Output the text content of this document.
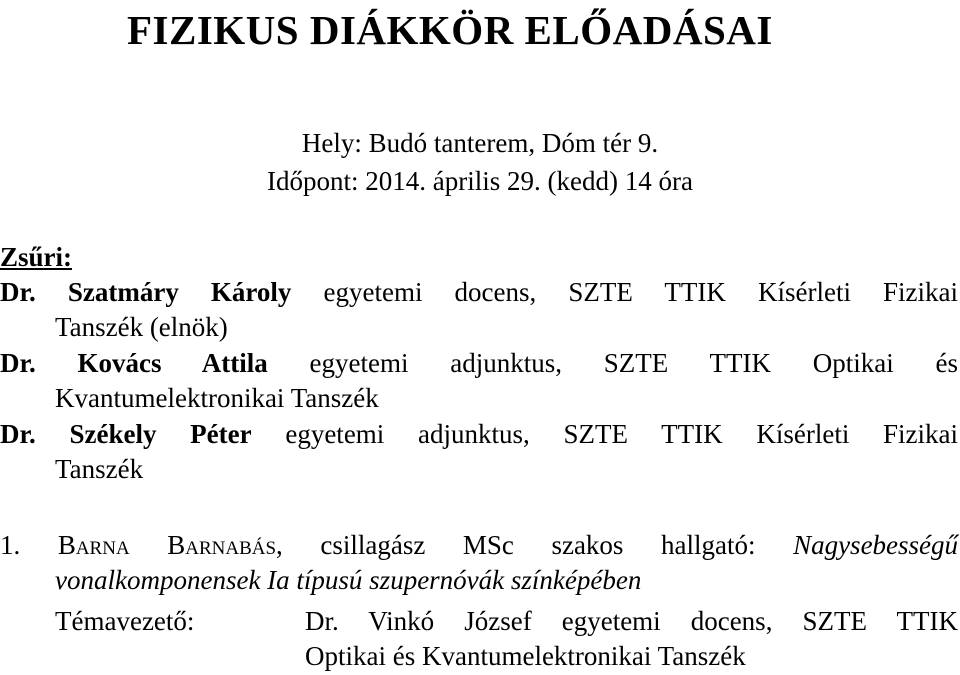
FIZIKUS DIÁKKÖR ELŐADÁSAI
Hely: Budó tanterem, Dóm tér 9.
Időpont: 2014. április 29. (kedd) 14 óra
Zsűri:
Dr. Szatmáry Károly egyetemi docens, SZTE TTIK Kísérleti Fizikai
Tanszék (elnök)
Dr. Kovács Attila egyetemi adjunktus, SZTE TTIK Optikai és
Kvantumelektronikai Tanszék
Dr. Székely Péter egyetemi adjunktus, SZTE TTIK Kísérleti Fizikai
Tanszék
1. Barna Barnabás, csillagász MSc szakos hallgató: Nagysebességű
vonalkomponensek Ia típusú szupernóvák színképében
Témavezető:	Dr. Vinkó József egyetemi docens, SZTE TTIK
Optikai és Kvantumelektronikai Tanszék
